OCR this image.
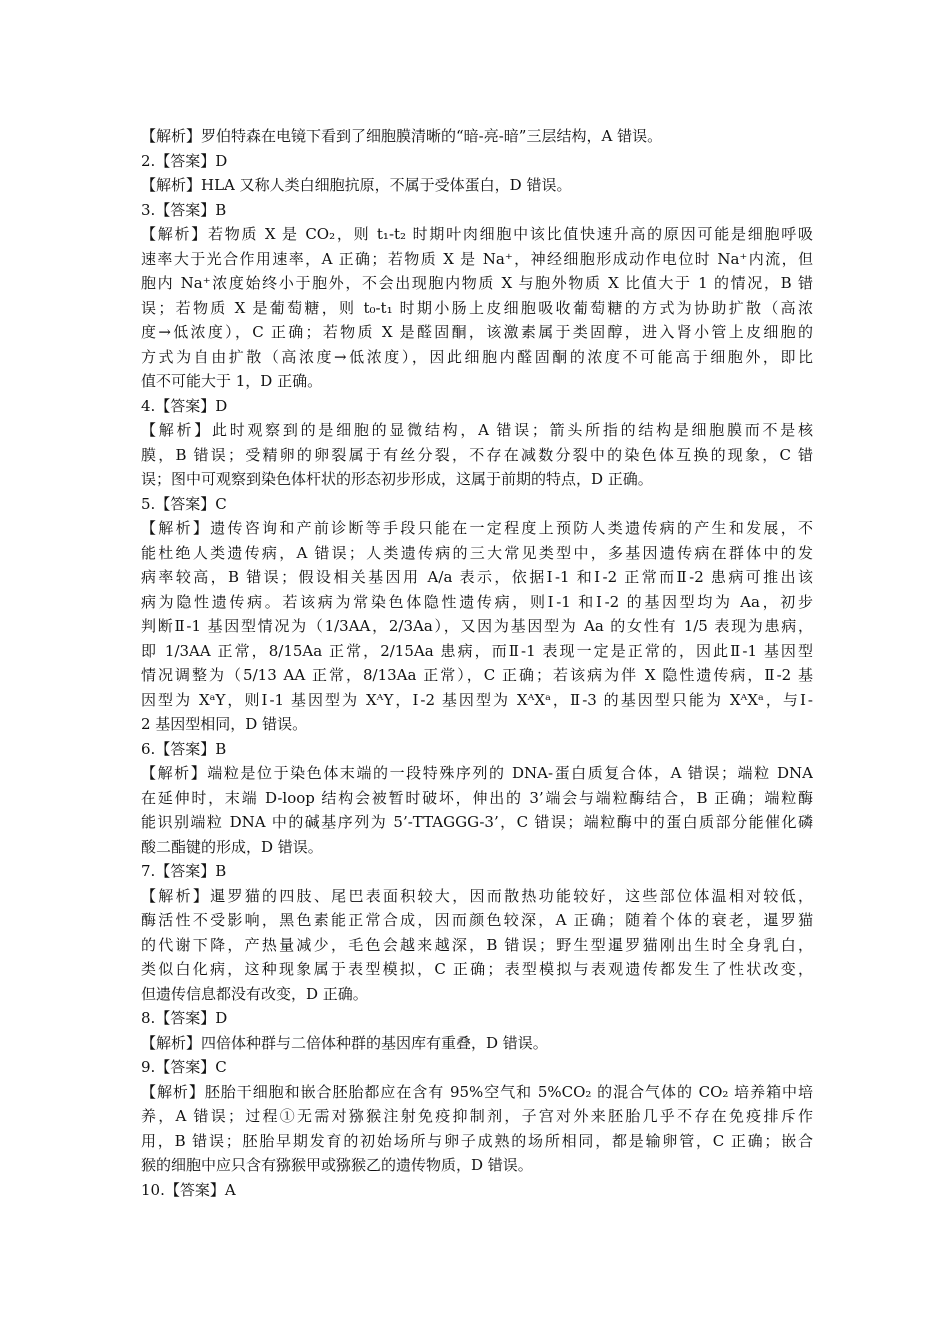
【解析】罗伯特森在电镜下看到了细胞膜清晰的“暗-亮-暗”三层结构，A 错误。
2.【答案】D
【解析】HLA 又称人类白细胞抗原，不属于受体蛋白，D 错误。
3.【答案】B
【解析】若物质 X 是 CO₂，则 t₁-t₂ 时期叶肉细胞中该比值快速升高的原因可能是细胞呼吸
速率大于光合作用速率，A 正确；若物质 X 是 Na⁺，神经细胞形成动作电位时 Na⁺内流，但
胞内 Na⁺浓度始终小于胞外，不会出现胞内物质 X 与胞外物质 X 比值大于 1 的情况，B 错
误；若物质 X 是葡萄糖，则 t₀-t₁ 时期小肠上皮细胞吸收葡萄糖的方式为协助扩散（高浓
度→低浓度），C 正确；若物质 X 是醛固酮，该激素属于类固醇，进入肾小管上皮细胞的
方式为自由扩散（高浓度→低浓度），因此细胞内醛固酮的浓度不可能高于细胞外，即比
值不可能大于 1，D 正确。
4.【答案】D
【解析】此时观察到的是细胞的显微结构，A 错误；箭头所指的结构是细胞膜而不是核
膜，B 错误；受精卵的卵裂属于有丝分裂，不存在减数分裂中的染色体互换的现象，C 错
误；图中可观察到染色体杆状的形态初步形成，这属于前期的特点，D 正确。
5.【答案】C
【解析】遗传咨询和产前诊断等手段只能在一定程度上预防人类遗传病的产生和发展，不
能杜绝人类遗传病，A 错误；人类遗传病的三大常见类型中，多基因遗传病在群体中的发
病率较高，B 错误；假设相关基因用 A/a 表示，依据Ⅰ-1 和Ⅰ-2 正常而Ⅱ-2 患病可推出该
病为隐性遗传病。若该病为常染色体隐性遗传病，则Ⅰ-1 和Ⅰ-2 的基因型均为 Aa，初步
判断Ⅱ-1 基因型情况为（1/3AA，2/3Aa），又因为基因型为 Aa 的女性有 1/5 表现为患病，
即 1/3AA 正常，8/15Aa 正常，2/15Aa 患病，而Ⅱ-1 表现一定是正常的，因此Ⅱ-1 基因型
情况调整为（5/13 AA 正常，8/13Aa 正常），C 正确；若该病为伴 X 隐性遗传病，Ⅱ-2 基
因型为 XᵃY，则Ⅰ-1 基因型为 XᴬY，Ⅰ-2 基因型为 XᴬXᵃ，Ⅱ-3 的基因型只能为 XᴬXᵃ，与Ⅰ-
2 基因型相同，D 错误。
6.【答案】B
【解析】端粒是位于染色体末端的一段特殊序列的 DNA-蛋白质复合体，A 错误；端粒 DNA
在延伸时，末端 D-loop 结构会被暂时破坏，伸出的 3’端会与端粒酶结合，B 正确；端粒酶
能识别端粒 DNA 中的碱基序列为 5’-TTAGGG-3’，C 错误；端粒酶中的蛋白质部分能催化磷
酸二酯键的形成，D 错误。
7.【答案】B
【解析】暹罗猫的四肢、尾巴表面积较大，因而散热功能较好，这些部位体温相对较低，
酶活性不受影响，黑色素能正常合成，因而颜色较深，A 正确；随着个体的衰老，暹罗猫
的代谢下降，产热量减少，毛色会越来越深，B 错误；野生型暹罗猫刚出生时全身乳白，
类似白化病，这种现象属于表型模拟，C 正确；表型模拟与表观遗传都发生了性状改变，
但遗传信息都没有改变，D 正确。
8.【答案】D
【解析】四倍体种群与二倍体种群的基因库有重叠，D 错误。
9.【答案】C
【解析】胚胎干细胞和嵌合胚胎都应在含有 95%空气和 5%CO₂ 的混合气体的 CO₂ 培养箱中培
养，A 错误；过程①无需对猕猴注射免疫抑制剂，子宫对外来胚胎几乎不存在免疫排斥作
用，B 错误；胚胎早期发育的初始场所与卵子成熟的场所相同，都是输卵管，C 正确；嵌合
猴的细胞中应只含有猕猴甲或猕猴乙的遗传物质，D 错误。
10.【答案】A
